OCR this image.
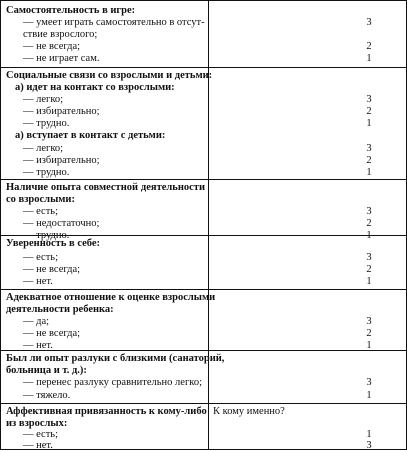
Самостоятельность в игре:
— умеет играть самостоятельно в отсут-
ствие взрослого;
3
— не всегда;	2
— не играет сам.	1
Социальные связи со взрослыми и детьми:
а) идет на контакт со взрослыми:
— легко;	3
— избирательно;	2
— трудно.	1
а) вступает в контакт с детьми:
— легко;	3
— избирательно;	2
— трудно.	1
Наличие опыта совместной деятельности
со взрослыми:
— есть;	3
— недостаточно;	2
— трудно.	1
Уверенность в себе:
— есть;	3
— не всегда;	2
— нет.	1
Адекватное отношение к оценке взрослыми
деятельности ребенка:
— да;	3
— не всегда;	2
— нет.	1
Был ли опыт разлуки с близкими (санаторий,
больница и т. д.):
— перенес разлуку сравнительно легко;	3
— тяжело.	1
Аффективная привязанность к кому-либо
из взрослых:
К кому именно?
— есть;	1
— нет.	3
